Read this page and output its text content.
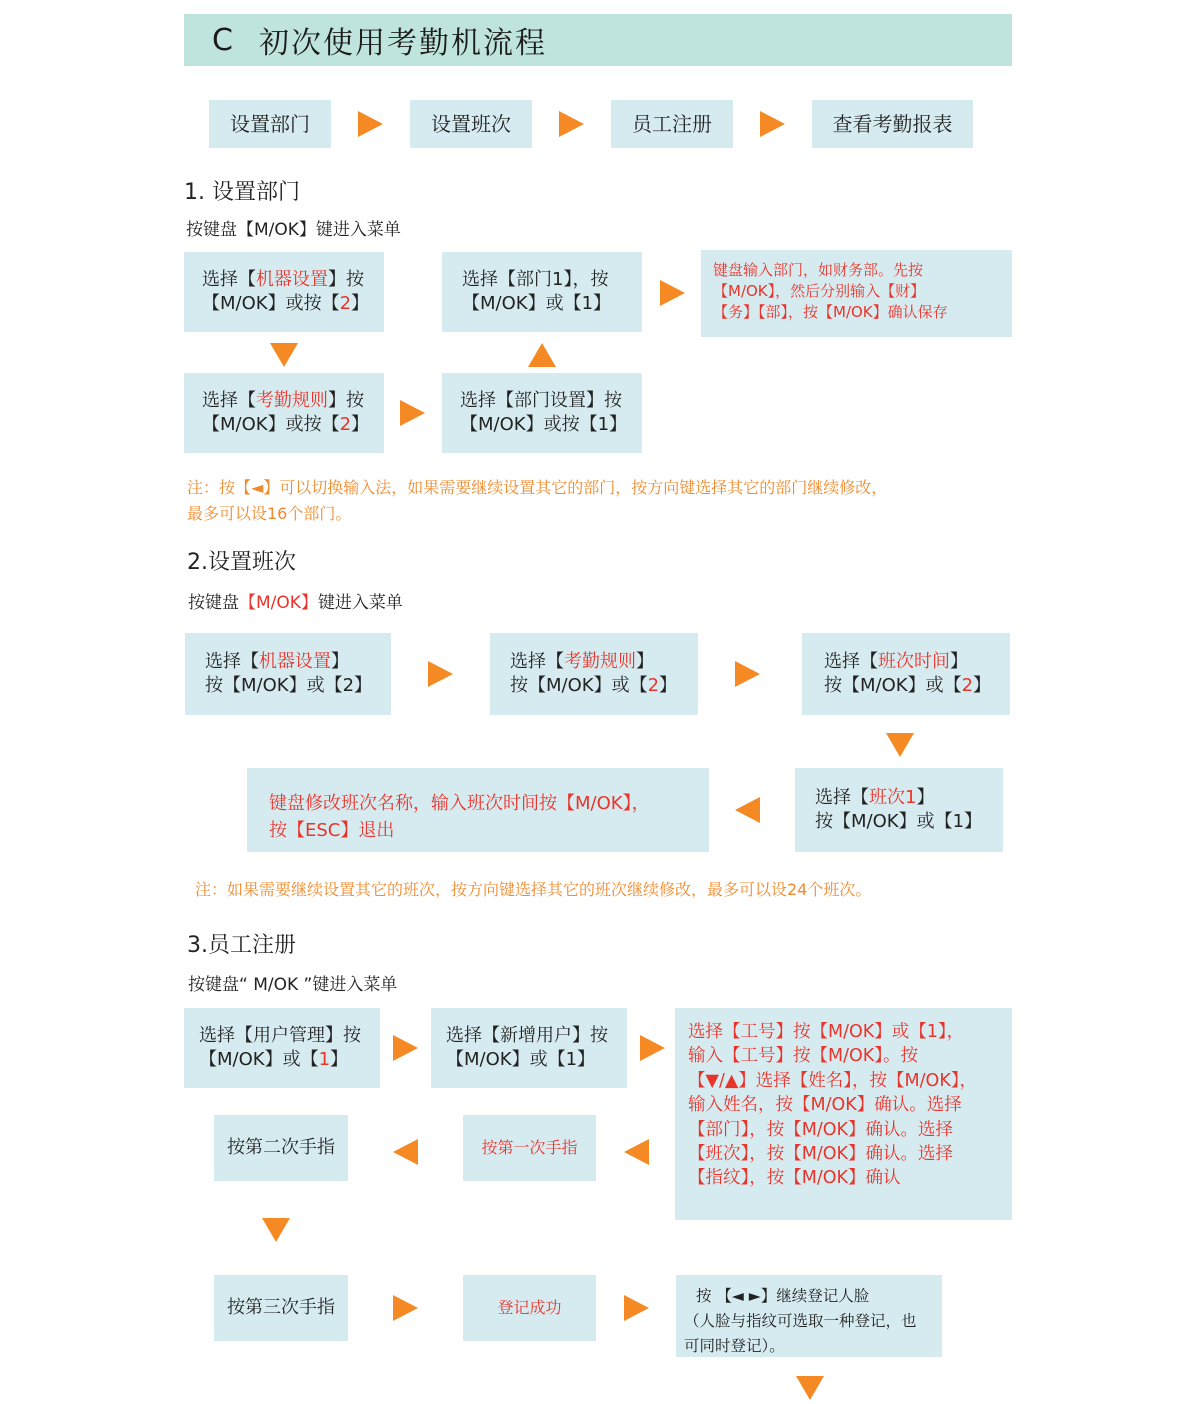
C 初次使用考勤机流程
设置部门	设置班次	员工注册	查看考勤报表
1. 设置部门
按键盘【M/OK】键进入菜单
选择【机器设置】按
【M/OK】或按【2】
选择【部门1】，按
【M/OK】或【1】
键盘输入部门，如财务部。先按
【M/OK】，然后分别输入【财】
【务】【部】，按【M/OK】确认保存
选择【考勤规则】按
【M/OK】或按【2】
选择【部门设置】按
【M/OK】或按【1】
注：按【◄】可以切换输入法，如果需要继续设置其它的部门，按方向键选择其它的部门继续修改，
最多可以设16个部门。
2.设置班次
按键盘【M/OK】键进入菜单
选择【机器设置】
按【M/OK】或【2】
选择【考勤规则】
按【M/OK】或【2】
选择【班次时间】
按【M/OK】或【2】
键盘修改班次名称，输入班次时间按【M/OK】，
按【ESC】退出
选择【班次1】
按【M/OK】或【1】
注：如果需要继续设置其它的班次，按方向键选择其它的班次继续修改，最多可以设24个班次。
3.员工注册
按键盘“ M/OK ”键进入菜单
选择【用户管理】按
【M/OK】或【1】
选择【新增用户】按
【M/OK】或【1】
选择【工号】按【M/OK】或【1】，
输入【工号】按【M/OK】。按
【▼/▲】选择【姓名】，按【M/OK】，
输入姓名，按【M/OK】确认。选择
【部门】，按【M/OK】确认。选择
【班次】，按【M/OK】确认。选择
【指纹】，按【M/OK】确认
按第二次手指	按第一次手指
按第三次手指	登记成功
按 【◄ ►】继续登记人脸
（人脸与指纹可选取一种登记，也
可同时登记）。
